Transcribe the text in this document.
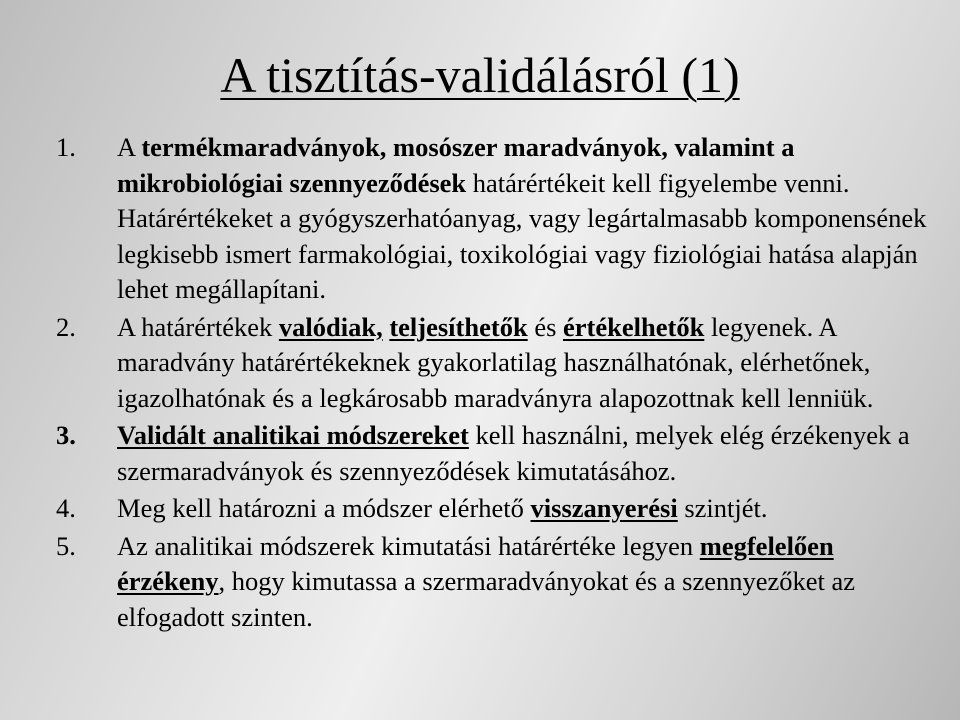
A tisztítás-validálásról (1)
1. A termékmaradványok, mosószer maradványok, valamint a mikrobiológiai szennyeződések határértékeit kell figyelembe venni. Határértékeket a gyógyszerhatóanyag, vagy legártalmasabb komponensének legkisebb ismert farmakológiai, toxikológiai vagy fiziológiai hatása alapján lehet megállapítani.
2. A határértékek valódiak, teljesíthetők és értékelhetők legyenek. A maradvány határértékeknek gyakorlatilag használhatónak, elérhetőnek, igazolhatónak és a legkárosabb maradványra alapozottnak kell lenniük.
3. Validált analitikai módszereket kell használni, melyek elég érzékenyek a szermaradványok és szennyeződések kimutatásához.
4. Meg kell határozni a módszer elérhető visszanyerési szintjét.
5. Az analitikai módszerek kimutatási határértéke legyen megfelelően érzékeny, hogy kimutassa a szermaradványokat és a szennyezőket az elfogadott szinten.
